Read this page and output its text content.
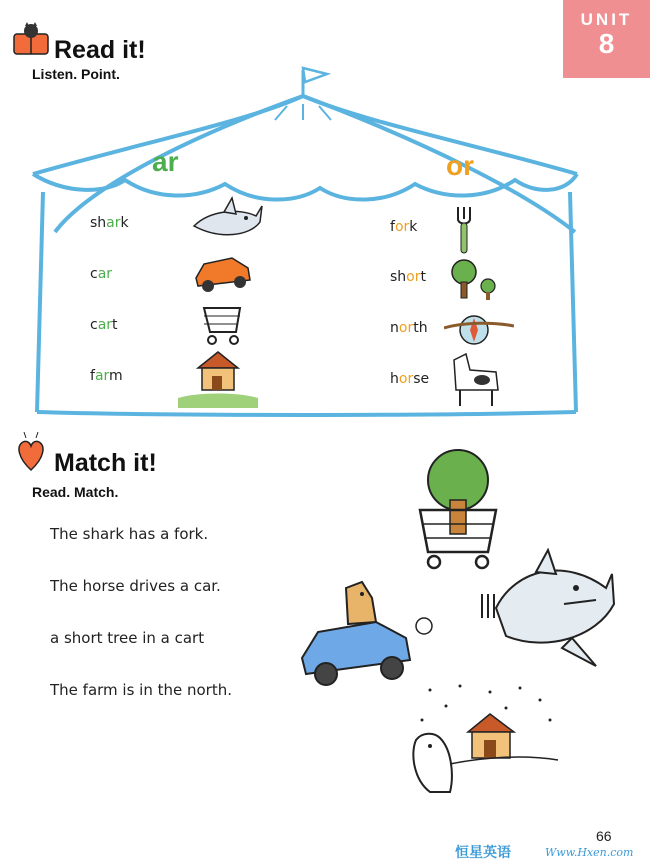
UNIT
8
Read it!
Listen. Point.
ar	or
shark
car
cart
farm
fork
short
north
horse
Match it!
Read. Match.
The shark has a fork.
The horse drives a car.
a short tree in a cart
The farm is in the north.
66
恒星英语	Www.Hxen.com
